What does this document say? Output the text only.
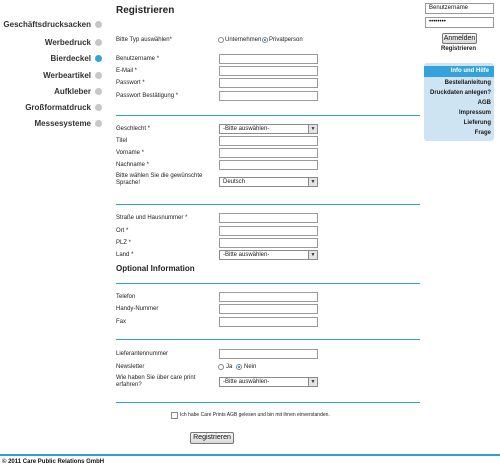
Geschäftsdrucksacken
Werbedruck
Bierdeckel
Werbeartikel
Aufkleber
Großformatdruck
Messesysteme
Registrieren
Bitte Typ auswählen*	Unternehmen Privatperson
Benutzername *
E-Mail *
Passwort *
Passwort Bestätigung *
Geschlecht *	-Bitte auswählen-	▼
Titel
Vorname *
Nachname *
Bitte wählen Sie die gewünschte Sprache!	Deutsch	▼
Straße und Hausnummer *
Ort *
PLZ *
Land *	-Bitte auswählen-	▼
Optional Information
Telefon
Handy-Nummer
Fax
Lieferantennummer
Newsletter	Ja Nein
Wie haben Sie über care print erfahren?	-Bitte auswählen-	▼
Ich habe Care Prints AGB gelesen und bin mit ihnen einverstanden.
Registrieren
Benutzername
••••••••
Anmelden
Registrieren
Info und Hilfe
Bestellanleitung
Druckdaten anlegen?
AGB
Impressum
Lieferung
Frage
© 2011 Care Public Relations GmbH
